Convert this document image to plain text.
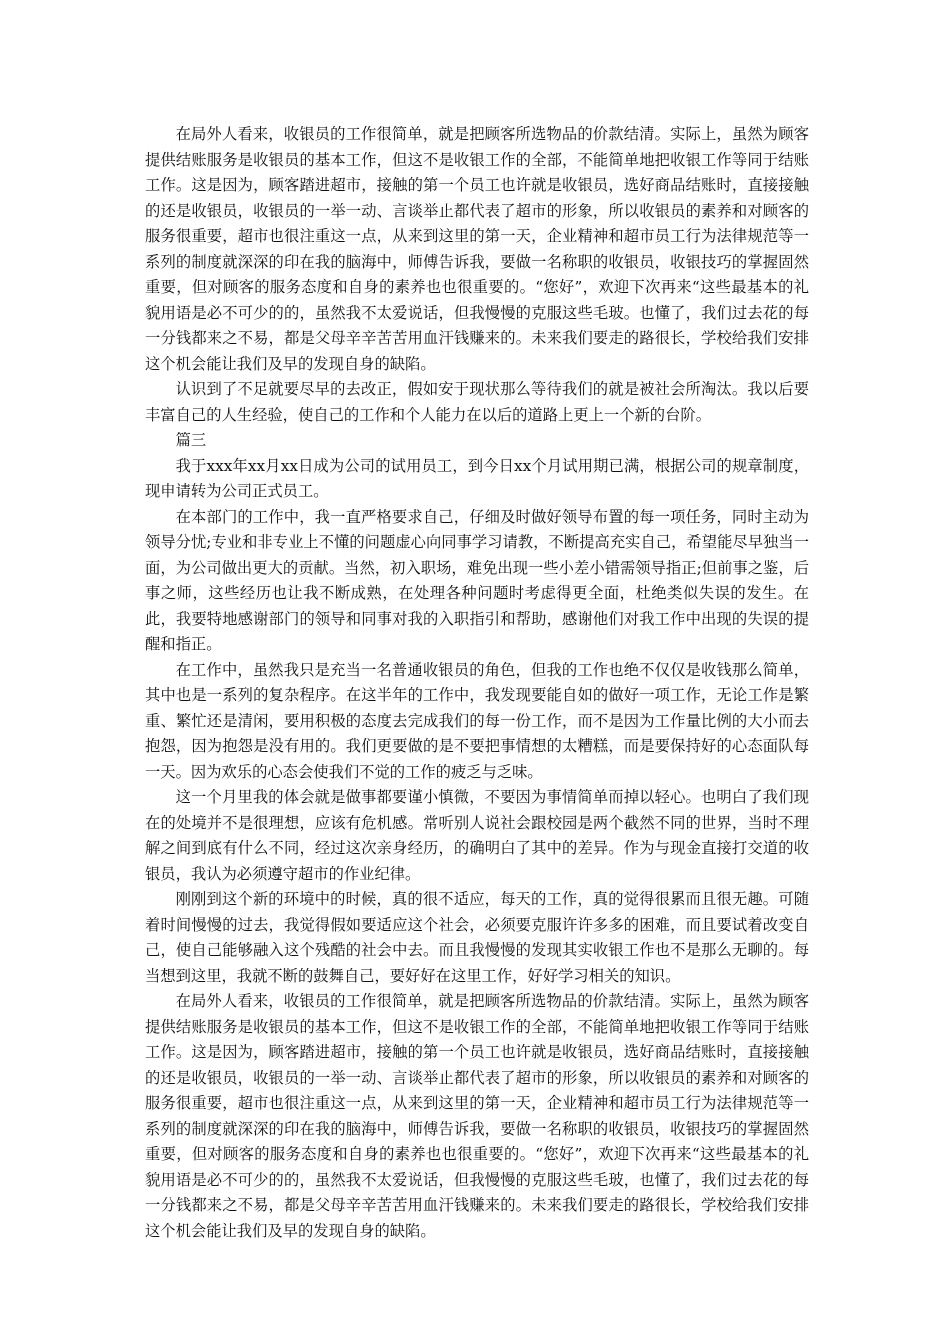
在局外人看来，收银员的工作很简单，就是把顾客所选物品的价款结清。实际上，虽然为顾客提供结账服务是收银员的基本工作，但这不是收银工作的全部，不能简单地把收银工作等同于结账工作。这是因为，顾客踏进超市，接触的第一个员工也许就是收银员，选好商品结账时，直接接触的还是收银员，收银员的一举一动、言谈举止都代表了超市的形象，所以收银员的素养和对顾客的服务很重要，超市也很注重这一点，从来到这里的第一天，企业精神和超市员工行为法律规范等一系列的制度就深深的印在我的脑海中，师傅告诉我，要做一名称职的收银员，收银技巧的掌握固然重要，但对顾客的服务态度和自身的素养也也很重要的。“您好”，欢迎下次再来“这些最基本的礼貌用语是必不可少的的，虽然我不太爱说话，但我慢慢的克服这些毛玻。也懂了，我们过去花的每一分钱都来之不易，都是父母辛辛苦苦用血汗钱赚来的。未来我们要走的路很长，学校给我们安排这个机会能让我们及早的发现自身的缺陷。

认识到了不足就要尽早的去改正，假如安于现状那么等待我们的就是被社会所淘汰。我以后要丰富自己的人生经验，使自己的工作和个人能力在以后的道路上更上一个新的台阶。

篇三

我于xxx年xx月xx日成为公司的试用员工，到今日xx个月试用期已满，根据公司的规章制度，现申请转为公司正式员工。

在本部门的工作中，我一直严格要求自己，仔细及时做好领导布置的每一项任务，同时主动为领导分忧;专业和非专业上不懂的问题虚心向同事学习请教，不断提高充实自己，希望能尽早独当一面，为公司做出更大的贡献。当然，初入职场，难免出现一些小差小错需领导指正;但前事之鉴，后事之师，这些经历也让我不断成熟，在处理各种问题时考虑得更全面，杜绝类似失误的发生。在此，我要特地感谢部门的领导和同事对我的入职指引和帮助，感谢他们对我工作中出现的失误的提醒和指正。

在工作中，虽然我只是充当一名普通收银员的角色，但我的工作也绝不仅仅是收钱那么简单，其中也是一系列的复杂程序。在这半年的工作中，我发现要能自如的做好一项工作，无论工作是繁重、繁忙还是清闲，要用积极的态度去完成我们的每一份工作，而不是因为工作量比例的大小而去抱怨，因为抱怨是没有用的。我们更要做的是不要把事情想的太糟糕，而是要保持好的心态面队每一天。因为欢乐的心态会使我们不觉的工作的疲乏与乏味。

这一个月里我的体会就是做事都要谨小慎微，不要因为事情简单而掉以轻心。也明白了我们现在的处境并不是很理想，应该有危机感。常听别人说社会跟校园是两个截然不同的世界，当时不理解之间到底有什么不同，经过这次亲身经历，的确明白了其中的差异。作为与现金直接打交道的收银员，我认为必须遵守超市的作业纪律。

刚刚到这个新的环境中的时候，真的很不适应，每天的工作，真的觉得很累而且很无趣。可随着时间慢慢的过去，我觉得假如要适应这个社会，必须要克服许许多多的困难，而且要试着改变自己，使自己能够融入这个残酷的社会中去。而且我慢慢的发现其实收银工作也不是那么无聊的。每当想到这里，我就不断的鼓舞自己，要好好在这里工作，好好学习相关的知识。

在局外人看来，收银员的工作很简单，就是把顾客所选物品的价款结清。实际上，虽然为顾客提供结账服务是收银员的基本工作，但这不是收银工作的全部，不能简单地把收银工作等同于结账工作。这是因为，顾客踏进超市，接触的第一个员工也许就是收银员，选好商品结账时，直接接触的还是收银员，收银员的一举一动、言谈举止都代表了超市的形象，所以收银员的素养和对顾客的服务很重要，超市也很注重这一点，从来到这里的第一天，企业精神和超市员工行为法律规范等一系列的制度就深深的印在我的脑海中，师傅告诉我，要做一名称职的收银员，收银技巧的掌握固然重要，但对顾客的服务态度和自身的素养也也很重要的。“您好”，欢迎下次再来“这些最基本的礼貌用语是必不可少的的，虽然我不太爱说话，但我慢慢的克服这些毛玻，也懂了，我们过去花的每一分钱都来之不易，都是父母辛辛苦苦用血汗钱赚来的。未来我们要走的路很长，学校给我们安排这个机会能让我们及早的发现自身的缺陷。
